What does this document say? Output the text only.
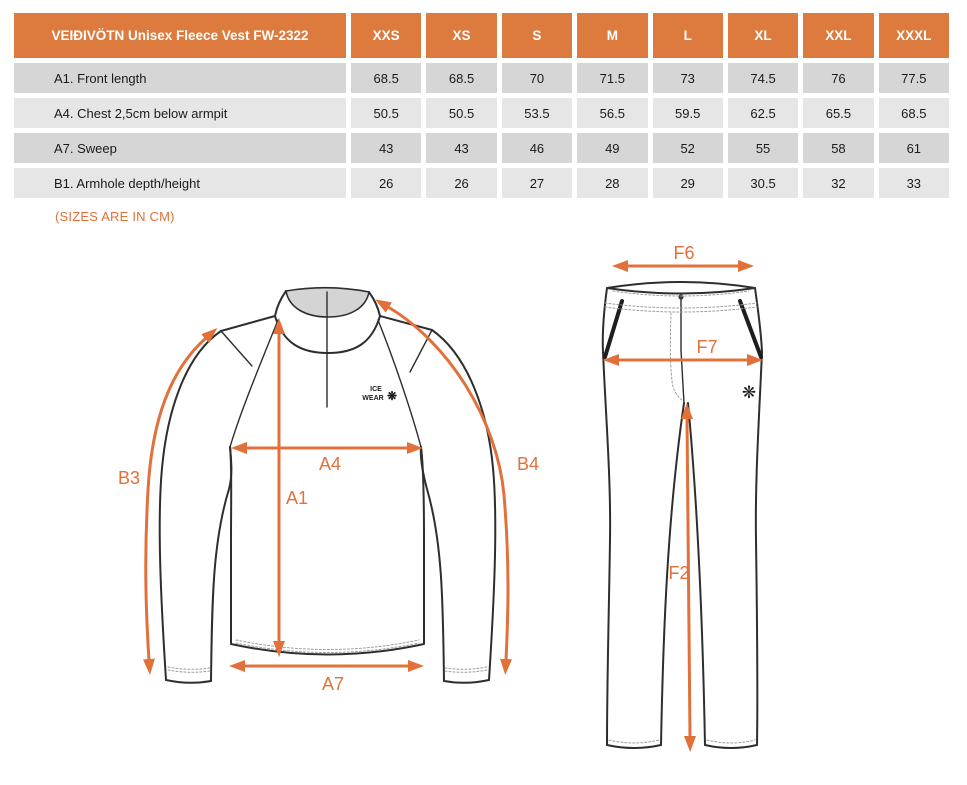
VEIÐIVÖTN Unisex Fleece Vest FW-2322	XXS	XS	S	M	L	XL	XXL	XXXL
A1. Front length	68.5	68.5	70	71.5	73	74.5	76	77.5
A4. Chest 2,5cm below armpit	50.5	50.5	53.5	56.5	59.5	62.5	65.5	68.5
A7. Sweep	43	43	46	49	52	55	58	61
B1. Armhole depth/height	26	26	27	28	29	30.5	32	33
(SIZES ARE IN CM)
ICE
WEAR ❋
A4
A1
A7
B3
B4
❋
F6
F7
F2
